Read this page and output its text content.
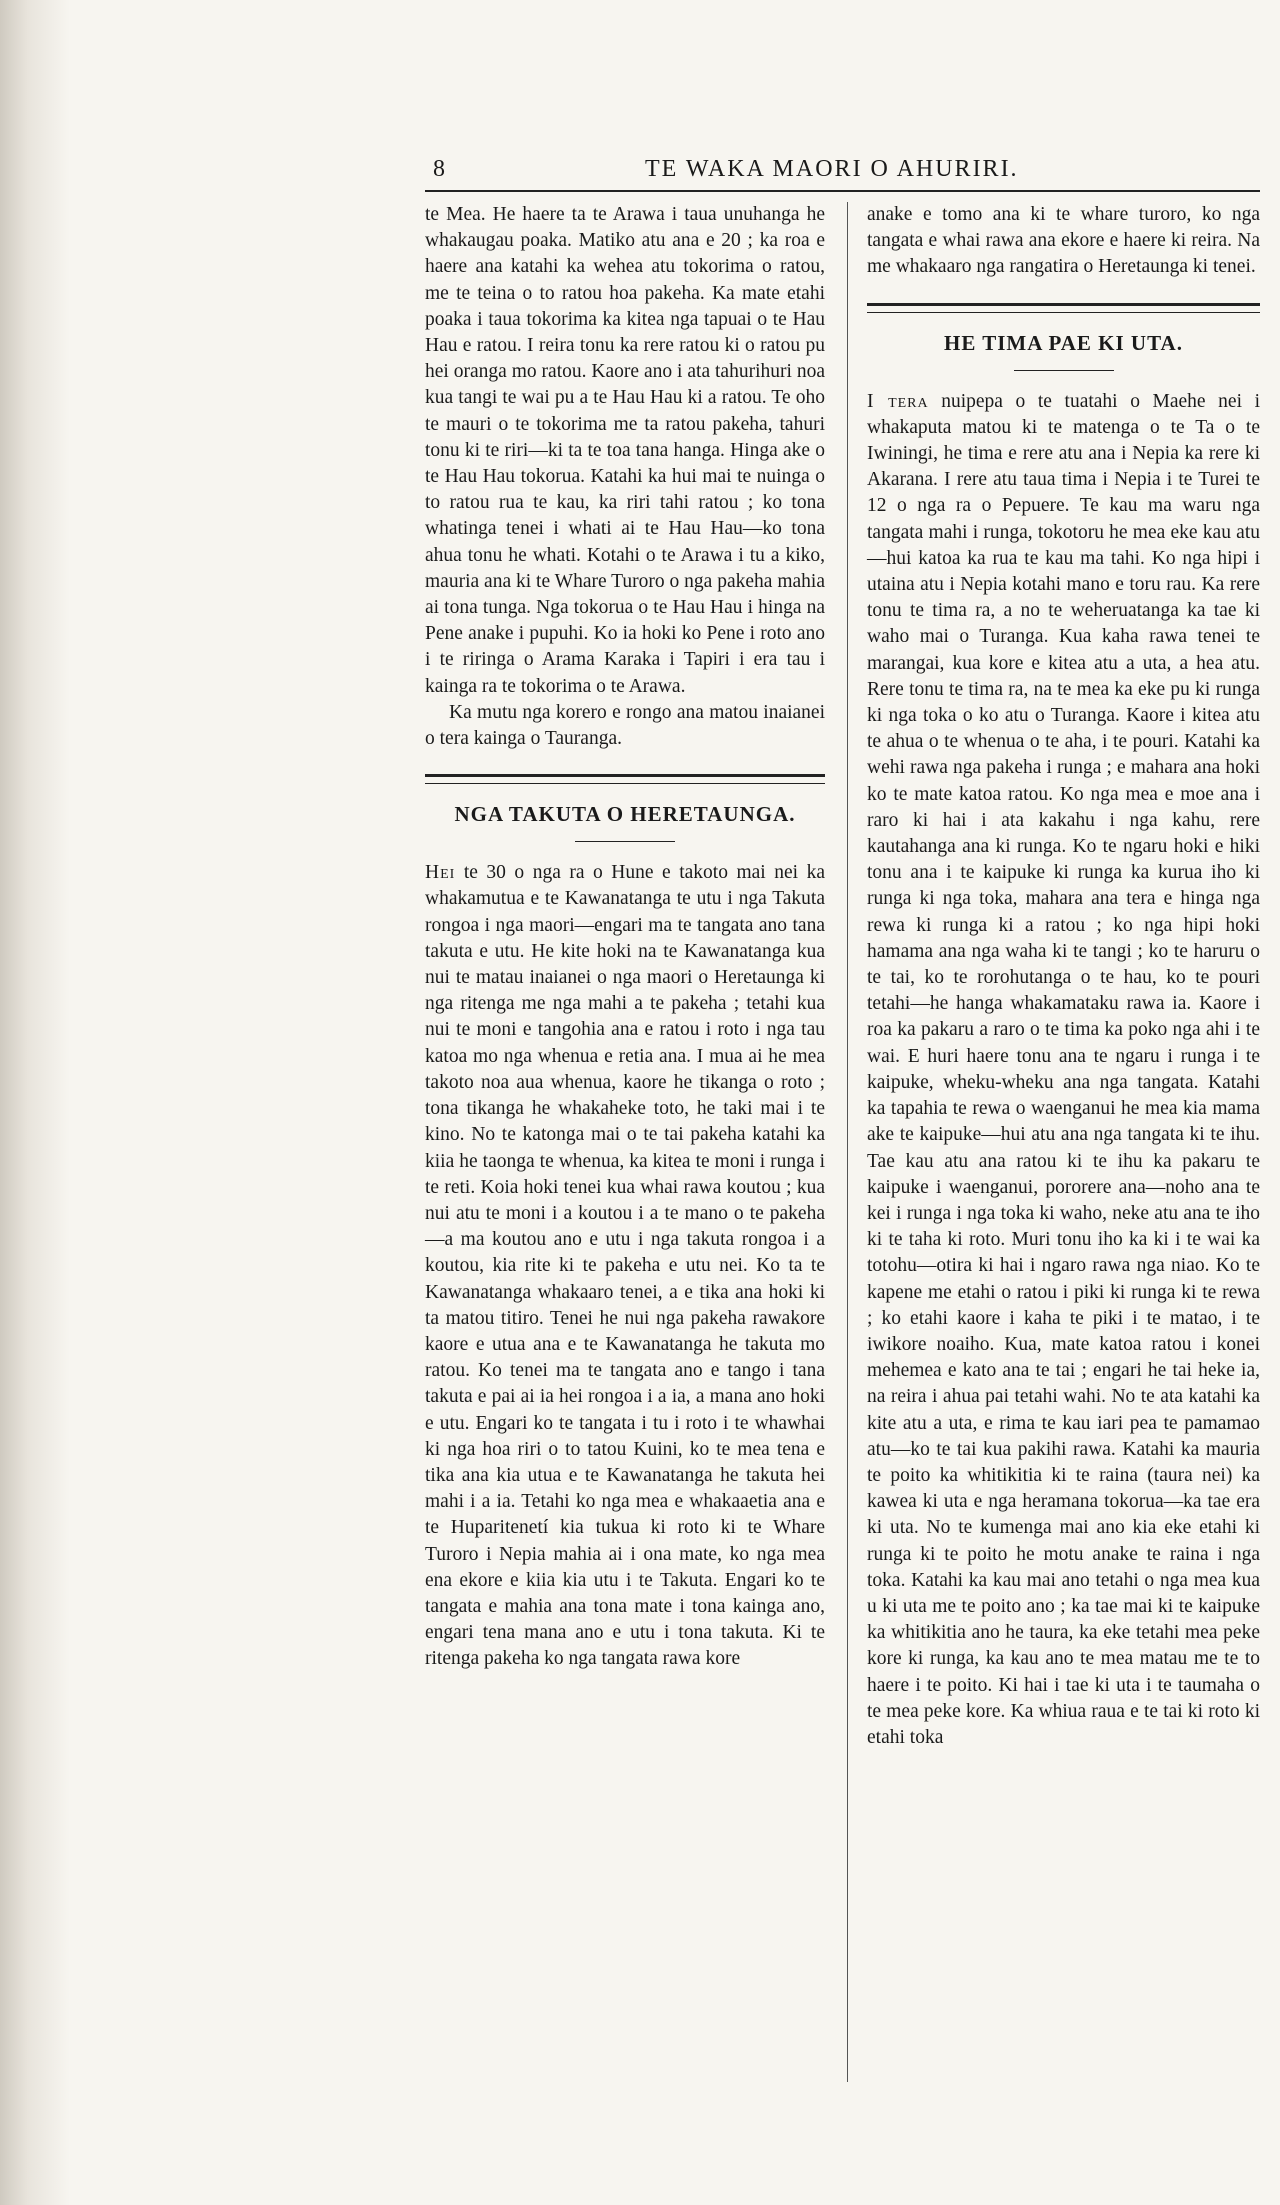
8	TE WAKA MAORI O AHURIRI.

te Mea. He haere ta te Arawa i taua unuhanga he whakaugau poaka. Matiko atu ana e 20 ; ka roa e haere ana katahi ka wehea atu tokorima o ratou, me te teina o to ratou hoa pakeha. Ka mate etahi poaka i taua tokorima ka kitea nga tapuai o te Hau Hau e ratou. I reira tonu ka rere ratou ki o ratou pu hei oranga mo ratou. Kaore ano i ata tahurihuri noa kua tangi te wai pu a te Hau Hau ki a ratou. Te oho te mauri o te tokorima me ta ratou pakeha, tahuri tonu ki te riri—ki ta te toa tana hanga. Hinga ake o te Hau Hau tokorua. Katahi ka hui mai te nuinga o to ratou rua te kau, ka riri tahi ratou ; ko tona whatinga tenei i whati ai te Hau Hau—ko tona ahua tonu he whati. Kotahi o te Arawa i tu a kiko, mauria ana ki te Whare Turoro o nga pakeha mahia ai tona tunga. Nga tokorua o te Hau Hau i hinga na Pene anake i pupuhi. Ko ia hoki ko Pene i roto ano i te riringa o Arama Karaka i Tapiri i era tau i kainga ra te tokorima o te Arawa.

Ka mutu nga korero e rongo ana matou inaianei o tera kainga o Tauranga.

NGA TAKUTA O HERETAUNGA.

Hei te 30 o nga ra o Hune e takoto mai nei ka whakamutua e te Kawanatanga te utu i nga Takuta rongoa i nga maori—engari ma te tangata ano tana takuta e utu. He kite hoki na te Kawanatanga kua nui te matau inaianei o nga maori o Heretaunga ki nga ritenga me nga mahi a te pakeha ; tetahi kua nui te moni e tangohia ana e ratou i roto i nga tau katoa mo nga whenua e retia ana. I mua ai he mea takoto noa aua whenua, kaore he tikanga o roto ; tona tikanga he whakaheke toto, he taki mai i te kino. No te katonga mai o te tai pakeha katahi ka kiia he taonga te whenua, ka kitea te moni i runga i te reti. Koia hoki tenei kua whai rawa koutou ; kua nui atu te moni i a koutou i a te mano o te pakeha—a ma koutou ano e utu i nga takuta rongoa i a koutou, kia rite ki te pakeha e utu nei. Ko ta te Kawanatanga whakaaro tenei, a e tika ana hoki ki ta matou titiro. Tenei he nui nga pakeha rawakore kaore e utua ana e te Kawanatanga he takuta mo ratou. Ko tenei ma te tangata ano e tango i tana takuta e pai ai ia hei rongoa i a ia, a mana ano hoki e utu. Engari ko te tangata i tu i roto i te whawhai ki nga hoa riri o to tatou Kuini, ko te mea tena e tika ana kia utua e te Kawanatanga he takuta hei mahi i a ia. Tetahi ko nga mea e whakaaetia ana e te Huparitenetí kia tukua ki roto ki te Whare Turoro i Nepia mahia ai i ona mate, ko nga mea ena ekore e kiia kia utu i te Takuta. Engari ko te tangata e mahia ana tona mate i tona kainga ano, engari tena mana ano e utu i tona takuta. Ki te ritenga pakeha ko nga tangata rawa kore

anake e tomo ana ki te whare turoro, ko nga tangata e whai rawa ana ekore e haere ki reira. Na me whakaaro nga rangatira o Heretaunga ki tenei.

HE TIMA PAE KI UTA.

I tera nuipepa o te tuatahi o Maehe nei i whakaputa matou ki te matenga o te Ta o te Iwiningi, he tima e rere atu ana i Nepia ka rere ki Akarana. I rere atu taua tima i Nepia i te Turei te 12 o nga ra o Pepuere. Te kau ma waru nga tangata mahi i runga, tokotoru he mea eke kau atu—hui katoa ka rua te kau ma tahi. Ko nga hipi i utaina atu i Nepia kotahi mano e toru rau. Ka rere tonu te tima ra, a no te weheruatanga ka tae ki waho mai o Turanga. Kua kaha rawa tenei te marangai, kua kore e kitea atu a uta, a hea atu. Rere tonu te tima ra, na te mea ka eke pu ki runga ki nga toka o ko atu o Turanga. Kaore i kitea atu te ahua o te whenua o te aha, i te pouri. Katahi ka wehi rawa nga pakeha i runga ; e mahara ana hoki ko te mate katoa ratou. Ko nga mea e moe ana i raro ki hai i ata kakahu i nga kahu, rere kautahanga ana ki runga. Ko te ngaru hoki e hiki tonu ana i te kaipuke ki runga ka kurua iho ki runga ki nga toka, mahara ana tera e hinga nga rewa ki runga ki a ratou ; ko nga hipi hoki hamama ana nga waha ki te tangi ; ko te haruru o te tai, ko te rorohutanga o te hau, ko te pouri tetahi—he hanga whakamataku rawa ia. Kaore i roa ka pakaru a raro o te tima ka poko nga ahi i te wai. E huri haere tonu ana te ngaru i runga i te kaipuke, wheku-wheku ana nga tangata. Katahi ka tapahia te rewa o waenganui he mea kia mama ake te kaipuke—hui atu ana nga tangata ki te ihu. Tae kau atu ana ratou ki te ihu ka pakaru te kaipuke i waenganui, pororere ana—noho ana te kei i runga i nga toka ki waho, neke atu ana te iho ki te taha ki roto. Muri tonu iho ka ki i te wai ka totohu—otira ki hai i ngaro rawa nga niao. Ko te kapene me etahi o ratou i piki ki runga ki te rewa ; ko etahi kaore i kaha te piki i te matao, i te iwikore noaiho. Kua, mate katoa ratou i konei mehemea e kato ana te tai ; engari he tai heke ia, na reira i ahua pai tetahi wahi. No te ata katahi ka kite atu a uta, e rima te kau iari pea te pamamao atu—ko te tai kua pakihi rawa. Katahi ka mauria te poito ka whitikitia ki te raina (taura nei) ka kawea ki uta e nga heramana tokorua—ka tae era ki uta. No te kumenga mai ano kia eke etahi ki runga ki te poito he motu anake te raina i nga toka. Katahi ka kau mai ano tetahi o nga mea kua u ki uta me te poito ano ; ka tae mai ki te kaipuke ka whitikitia ano he taura, ka eke tetahi mea peke kore ki runga, ka kau ano te mea matau me te to haere i te poito. Ki hai i tae ki uta i te taumaha o te mea peke kore. Ka whiua raua e te tai ki roto ki etahi toka
